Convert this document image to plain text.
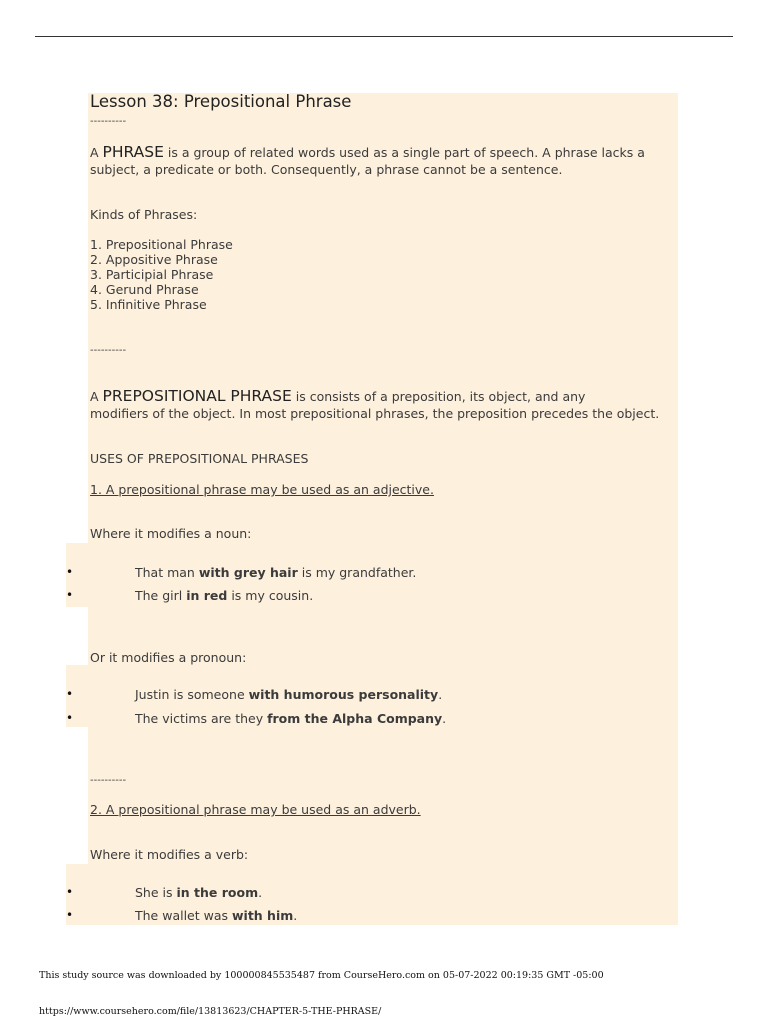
Lesson 38: Prepositional Phrase
----------
A PHRASE is a group of related words used as a single part of speech. A phrase lacks a
subject, a predicate or both. Consequently, a phrase cannot be a sentence.
Kinds of Phrases:
1. Prepositional Phrase
2. Appositive Phrase
3. Participial Phrase
4. Gerund Phrase
5. Infinitive Phrase
----------
A PREPOSITIONAL PHRASE is consists of a preposition, its object, and any
modifiers of the object. In most prepositional phrases, the preposition precedes the object.
USES OF PREPOSITIONAL PHRASES
1. A prepositional phrase may be used as an adjective.
Where it modifies a noun:
•	That man with grey hair is my grandfather.
•	The girl in red is my cousin.
Or it modifies a pronoun:
•	Justin is someone with humorous personality.
•	The victims are they from the Alpha Company.
----------
2. A prepositional phrase may be used as an adverb.
Where it modifies a verb:
•	She is in the room.
•	The wallet was with him.
This study source was downloaded by 100000845535487 from CourseHero.com on 05-07-2022 00:19:35 GMT -05:00
https://www.coursehero.com/file/13813623/CHAPTER-5-THE-PHRASE/
